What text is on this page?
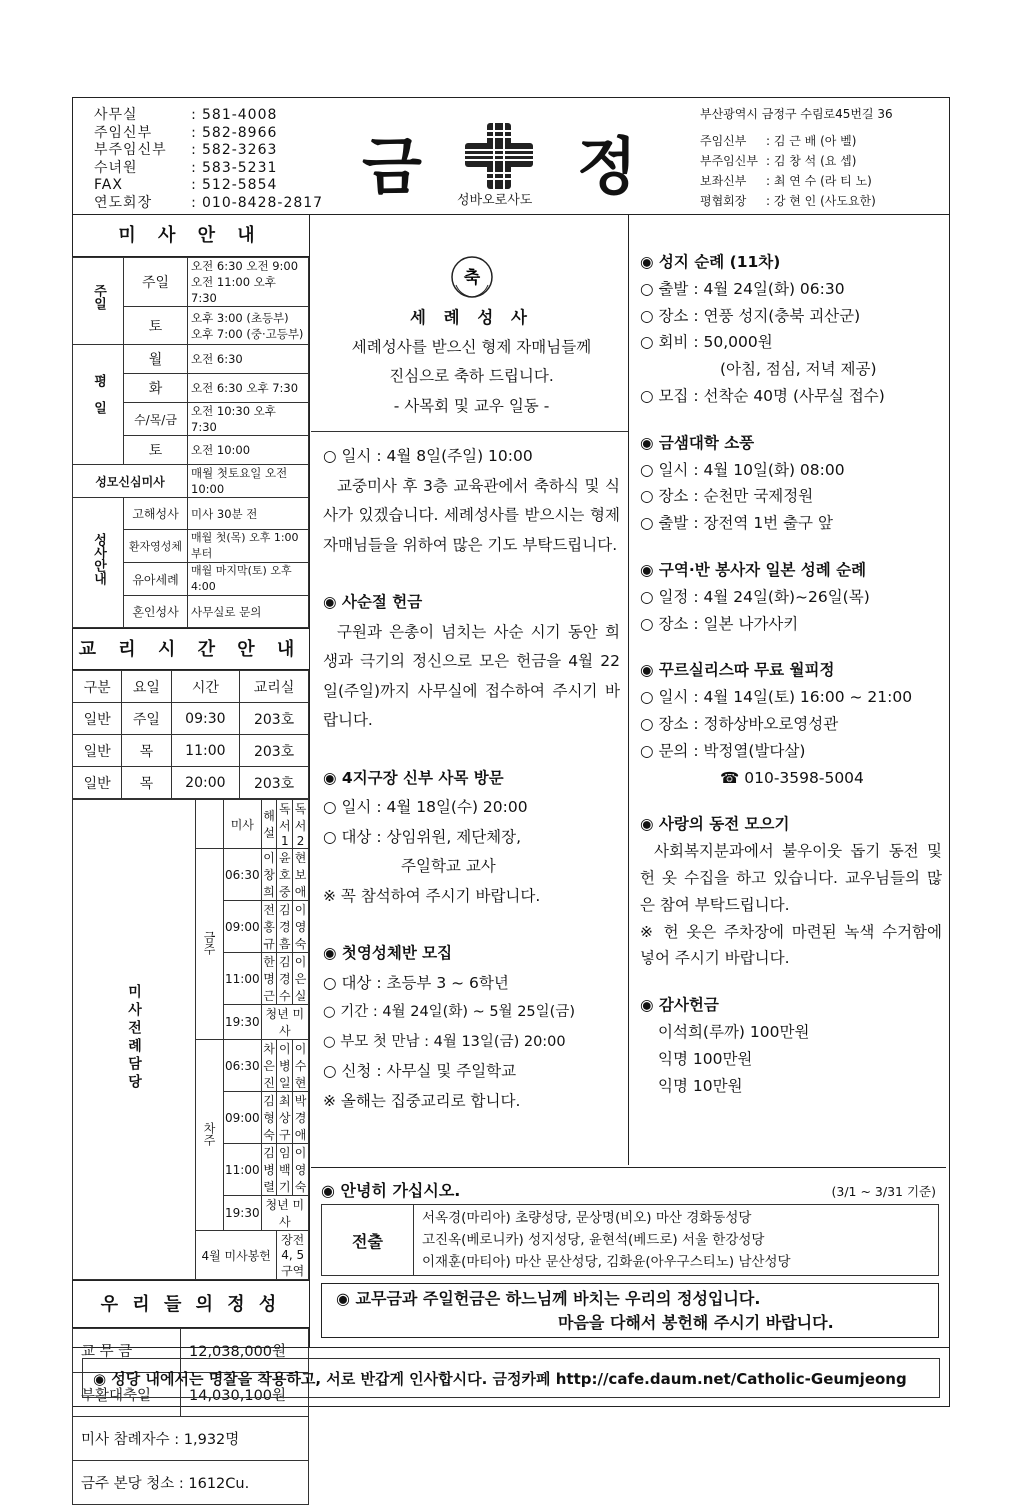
사무실	: 581-4008
주임신부	: 582-8966
부주임신부	: 582-3263
수녀원	: 583-5231
FAX	: 512-5854
연도회장	: 010-8428-2817 금	정
성바오로사도
부산광역시 금정구 수림로45번길 36
주임신부	: 김 근 배 (아 벨)
부주임신부 : 김 창 석 (요 셉)
보좌신부	: 최 연 수 (라 티 노)
평협회장	: 강 현 인 (사도요한)
미 사 안 내
주일	주일	오전 6:30 오전 9:00
오전 11:00 오후 7:30

	토	오후 3:00 (초등부)
오후 7:00 (중·고등부)

평일	월	오전 6:30
	화	오전 6:30 오후 7:30
	수/목/금	오전 10:30 오후 7:30
	토	오전 10:00
성모신심미사		매월 첫토요일 오전 10:00
성사안내	고해성사	미사 30분 전
	환자영성체	매월 첫(목) 오후 1:00부터
	유아세례	매월 마지막(토) 오후 4:00
	혼인성사	사무실로 문의
교 리 시 간 안 내
구분	요일	시간	교리실
일반	주일	09:30	203호
일반	목	11:00	203호
일반	목	20:00	203호
미사전례담당		미사	해설	독서1	독서2
	금주	06:30	이창희	윤호중	현보애
		09:00	전홍규	김경흠	이영숙
		11:00	한명근	김경수	이은실
		19:30	청년 미사		
	차주	06:30	차은진	이병일	이수현
		09:00	김형숙	최상구	박경애
		11:00	김병렬	임백기	이영숙
		19:30	청년 미사		
	4월 미사봉헌			장전4, 5구역	
우 리 들 의 정 성
교 무 금	12,038,000원
부활대축일	14,030,100원
미사 참례자수 : 1,932명	
금주 본당 청소 : 1612Cu.	
축
세 례 성 사
세례성사를 받으신 형제 자매님들께
진심으로 축하 드립니다.
- 사목회 및 교우 일동 -
○ 일시 : 4월 8일(주일) 10:00
교중미사 후 3층 교육관에서 축하식 및 식사가 있겠습니다. 세례성사를 받으시는 형제 자매님들을 위하여 많은 기도 부탁드립니다.
◉ 사순절 헌금
구원과 은총이 넘치는 사순 시기 동안 희생과 극기의 정신으로 모은 헌금을 4월 22일(주일)까지 사무실에 접수하여 주시기 바랍니다.
◉ 4지구장 신부 사목 방문
○ 일시 : 4월 18일(수) 20:00
○ 대상 : 상임위원, 제단체장,
주일학교 교사
※ 꼭 참석하여 주시기 바랍니다.
◉ 첫영성체반 모집
○ 대상 : 초등부 3 ~ 6학년
○ 기간 : 4월 24일(화) ~ 5월 25일(금)
○ 부모 첫 만남 : 4월 13일(금) 20:00
○ 신청 : 사무실 및 주일학교
※ 올해는 집중교리로 합니다.
◉ 성지 순례 (11차)
○ 출발 : 4월 24일(화) 06:30
○ 장소 : 연풍 성지(충북 괴산군)
○ 회비 : 50,000원
(아침, 점심, 저녁 제공)
○ 모집 : 선착순 40명 (사무실 접수)
◉ 금샘대학 소풍
○ 일시 : 4월 10일(화) 08:00
○ 장소 : 순천만 국제정원
○ 출발 : 장전역 1번 출구 앞
◉ 구역·반 봉사자 일본 성례 순례
○ 일정 : 4월 24일(화)~26일(목)
○ 장소 : 일본 나가사키
◉ 꾸르실리스따 무료 월피정
○ 일시 : 4월 14일(토) 16:00 ~ 21:00
○ 장소 : 정하상바오로영성관
○ 문의 : 박정열(발다살)
☎ 010-3598-5004
◉ 사랑의 동전 모으기
사회복지분과에서 불우이웃 돕기 동전 및 헌 옷 수집을 하고 있습니다. 교우님들의 많은 참여 부탁드립니다.
※ 헌 옷은 주차장에 마련된 녹색 수거함에 넣어 주시기 바랍니다.
◉ 감사헌금
이석희(루까) 100만원
익명 100만원
익명 10만원
◉ 안녕히 가십시오.	(3/1 ~ 3/31 기준)
전출
서옥경(마리아) 초량성당, 문상명(비오) 마산 경화동성당
고진옥(베로니카) 성지성당, 윤현석(베드로) 서울 한강성당
이재훈(마티아) 마산 문산성당, 김화윤(아우구스티노) 남산성당
◉ 교무금과 주일헌금은 하느님께 바치는 우리의 정성입니다.
마음을 다해서 봉헌해 주시기 바랍니다.
◉ 성당 내에서는 명찰을 착용하고, 서로 반갑게 인사합시다. 금정카페 http://cafe.daum.net/Catholic-Geumjeong
